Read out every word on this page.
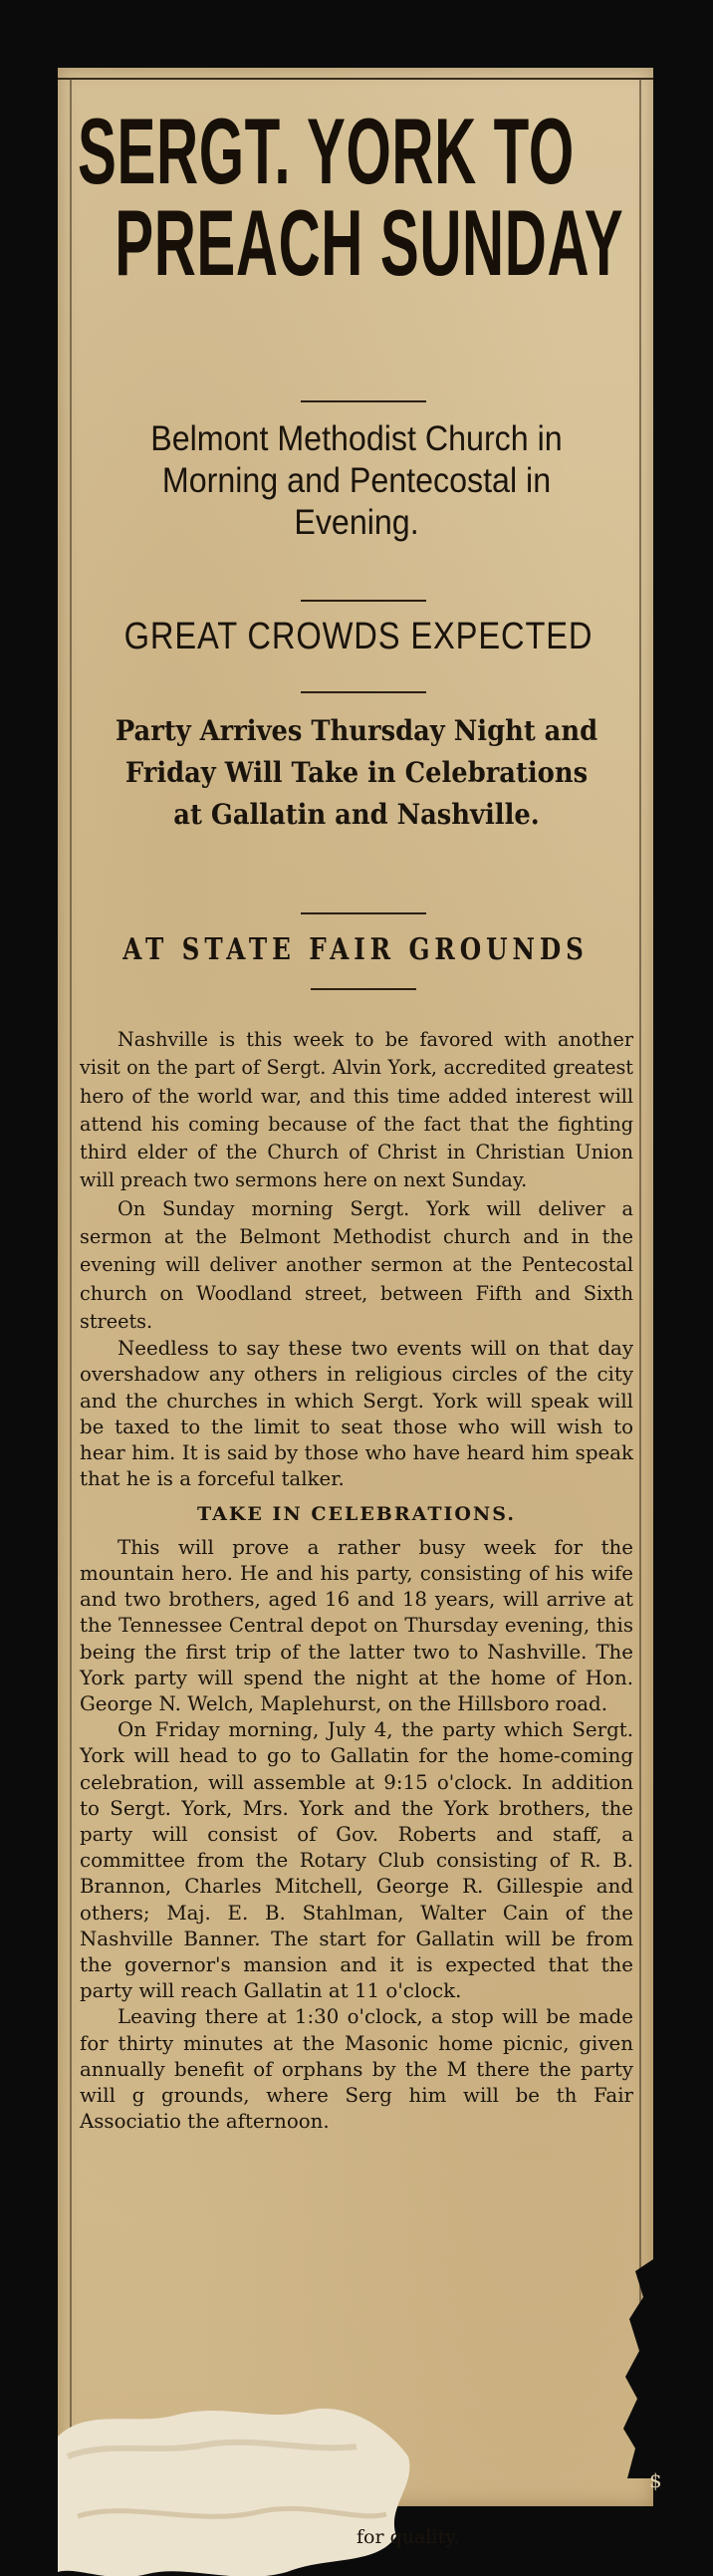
SERGT. YORK TO
PREACH SUNDAY
Belmont Methodist Church in Morning and Pentecostal in Evening.
GREAT CROWDS EXPECTED
Party Arrives Thursday Night and Friday Will Take in Celebrations at Gallatin and Nashville.
AT STATE FAIR GROUNDS

Nashville is this week to be favored with another visit on the part of Sergt. Alvin York, accredited greatest hero of the world war, and this time added interest will attend his coming because of the fact that the fighting third elder of the Church of Christ in Christian Union will preach two sermons here on next Sunday.

On Sunday morning Sergt. York will deliver a sermon at the Belmont Methodist church and in the evening will deliver another sermon at the Pentecostal church on Woodland street, between Fifth and Sixth streets.

Needless to say these two events will on that day overshadow any others in religious circles of the city and the churches in which Sergt. York will speak will be taxed to the limit to seat those who will wish to hear him. It is said by those who have heard him speak that he is a forceful talker.

TAKE IN CELEBRATIONS.

This will prove a rather busy week for the mountain hero. He and his party, consisting of his wife and two brothers, aged 16 and 18 years, will arrive at the Tennessee Central depot on Thursday evening, this being the first trip of the latter two to Nashville. The York party will spend the night at the home of Hon. George N. Welch, Maplehurst, on the Hillsboro road.

On Friday morning, July 4, the party which Sergt. York will head to go to Gallatin for the home-coming celebration, will assemble at 9:15 o'clock. In addition to Sergt. York, Mrs. York and the York brothers, the party will consist of Gov. Roberts and staff, a committee from the Rotary Club consisting of R. B. Brannon, Charles Mitchell, George R. Gillespie and others; Maj. E. B. Stahlman, Walter Cain of the Nashville Banner. The start for Gallatin will be from the governor's mansion and it is expected that the party will reach Gallatin at 11 o'clock.

Leaving there at 1:30 o'clock, a stop will be made for thirty minutes at the Masonic home picnic, given annually benefit of orphans by the M there the party will g grounds, where Serg him will be th Fair Associatio the afternoon.

for quality.
$
